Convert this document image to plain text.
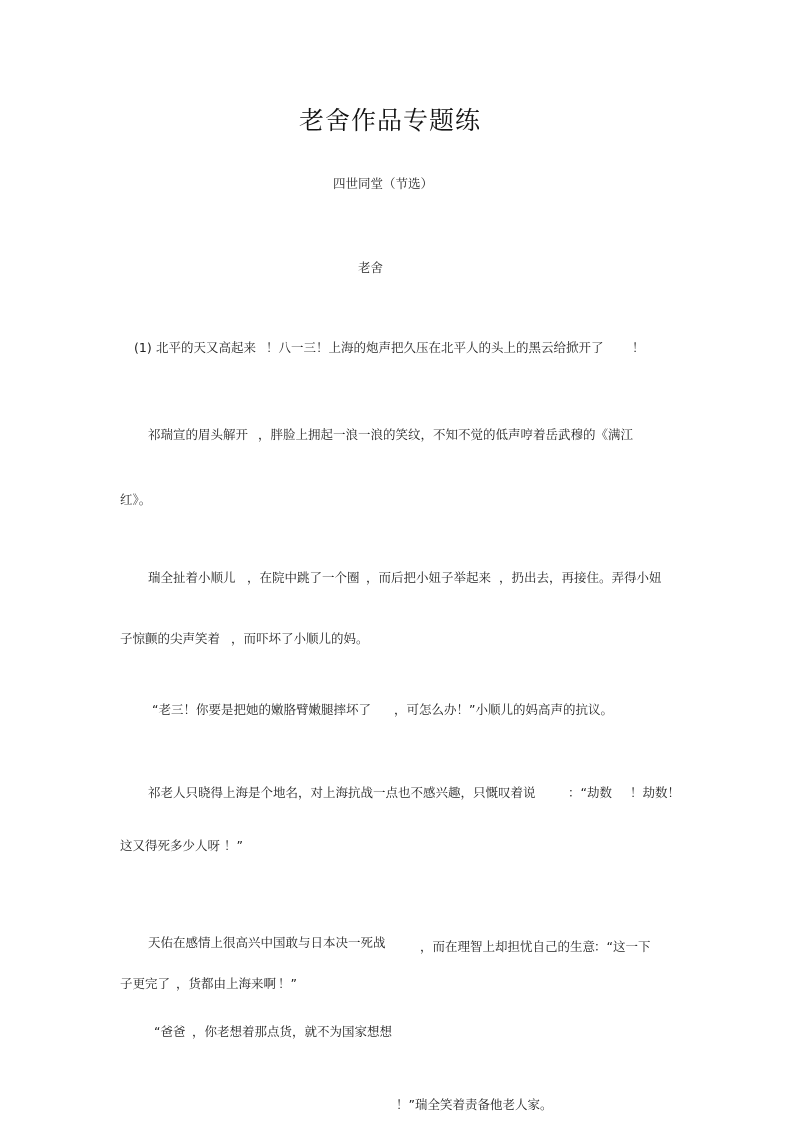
老舍作品专题练
四世同堂（节选）
老舍
(1) 北平的天又高起来 ！八一三！上海的炮声把久压在北平人的头上的黑云给掀开了 ！
祁瑞宣的眉头解开 ，胖脸上拥起一浪一浪的笑纹，不知不觉的低声哼着岳武穆的《满江
红》。
瑞全扯着小顺儿 ，在院中跳了一个圈 ，而后把小妞子举起来 ，扔出去，再接住。弄得小妞
子惊颤的尖声笑着 ，而吓坏了小顺儿的妈。
“老三！你要是把她的嫩胳臂嫩腿摔坏了 ，可怎么办！”小顺儿的妈高声的抗议。
祁老人只晓得上海是个地名，对上海抗战一点也不感兴趣，只慨叹着说	：“劫数 ！劫数！
这又得死多少人呀 ！”
天佑在感情上很高兴中国敢与日本决一死战	，而在理智上却担忧自己的生意
：“这一下
子更完了 ，货都由上海来啊 ！”
“爸爸 ，你老想着那点货，就不为国家想想
！”瑞全笑着责备他老人家。
